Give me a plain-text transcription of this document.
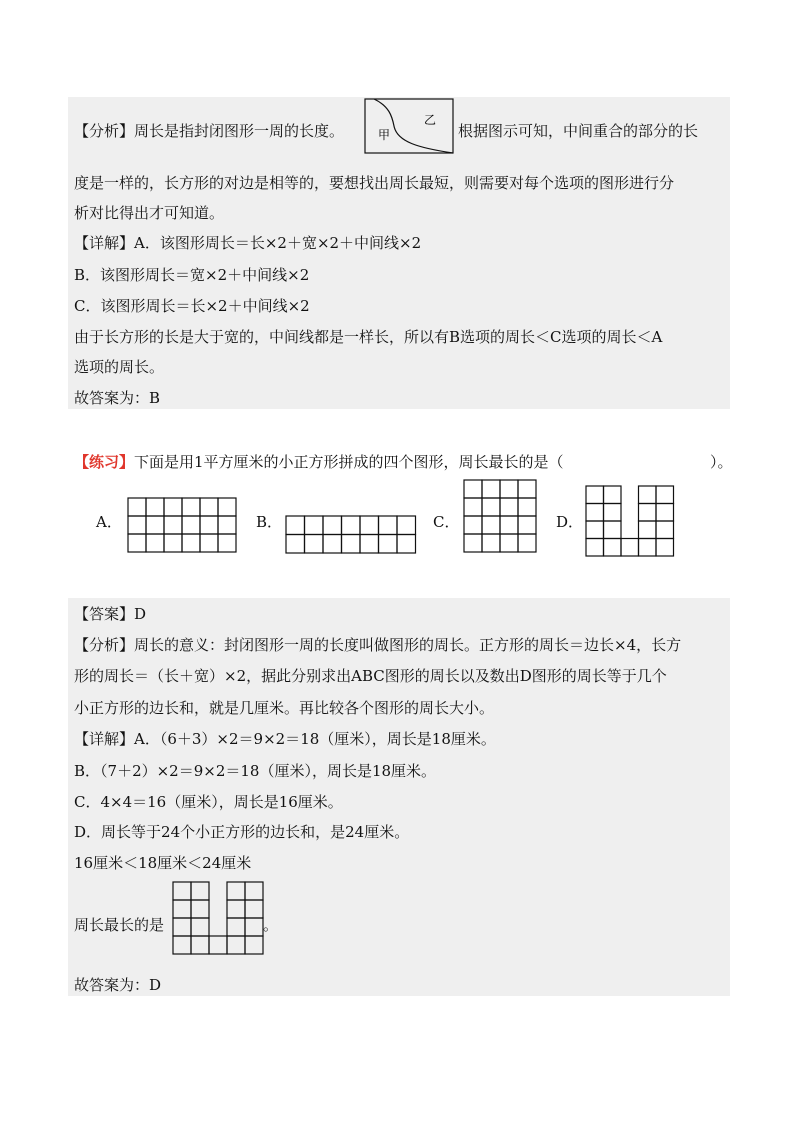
【分析】周长是指封闭图形一周的长度。	甲
乙
根据图示可知，中间重合的部分的长
度是一样的，长方形的对边是相等的，要想找出周长最短，则需要对每个选项的图形进行分
析对比得出才可知道。
【详解】A．该图形周长＝长×2＋宽×2＋中间线×2
B．该图形周长＝宽×2＋中间线×2
C．该图形周长＝长×2＋中间线×2
由于长方形的长是大于宽的，中间线都是一样长，所以有B选项的周长＜C选项的周长＜A
选项的周长。
故答案为：B
【练习】下面是用1平方厘米的小正方形拼成的四个图形，周长最长的是（	）。
A．	B．	C．	D．
【答案】D
【分析】周长的意义：封闭图形一周的长度叫做图形的周长。正方形的周长＝边长×4，长方
形的周长＝（长＋宽）×2，据此分别求出ABC图形的周长以及数出D图形的周长等于几个
小正方形的边长和，就是几厘米。再比较各个图形的周长大小。
【详解】A．（6＋3）×2＝9×2＝18（厘米），周长是18厘米。
B．（7＋2）×2＝9×2＝18（厘米），周长是18厘米。
C．4×4＝16（厘米），周长是16厘米。
D．周长等于24个小正方形的边长和，是24厘米。
16厘米＜18厘米＜24厘米
周长最长的是	。
故答案为：D
